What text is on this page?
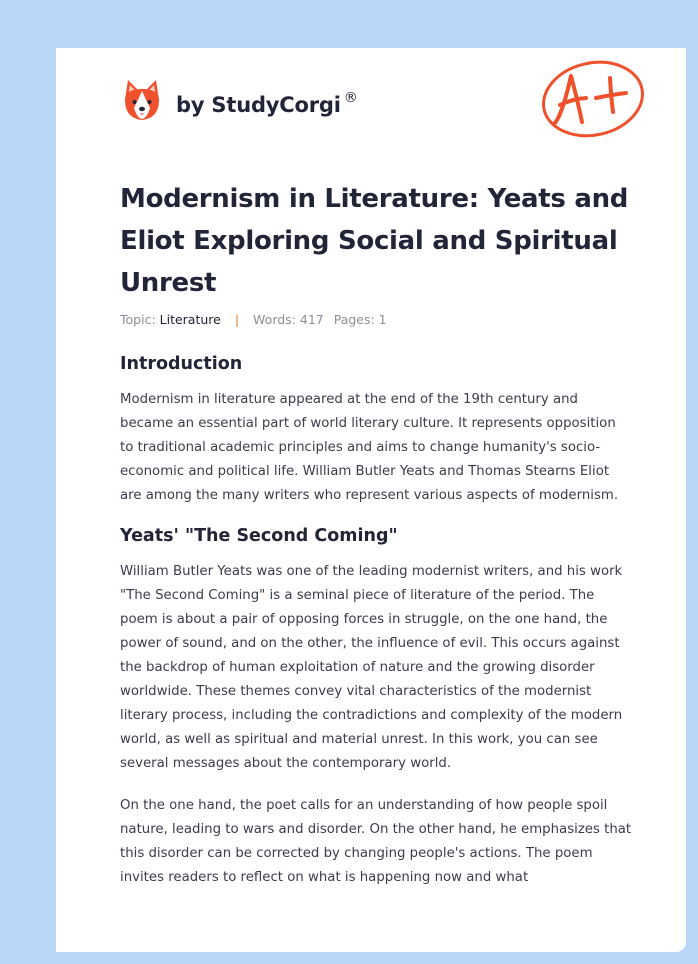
by StudyCorgi ®
Modernism in Literature: Yeats and Eliot Exploring Social and Spiritual Unrest
Topic: Literature | Words: 417 Pages: 1
Introduction

Modernism in literature appeared at the end of the 19th century and became an essential part of world literary culture. It represents opposition to traditional academic principles and aims to change humanity's socio-economic and political life. William Butler Yeats and Thomas Stearns Eliot are among the many writers who represent various aspects of modernism.

Yeats' "The Second Coming"

William Butler Yeats was one of the leading modernist writers, and his work "The Second Coming" is a seminal piece of literature of the period. The poem is about a pair of opposing forces in struggle, on the one hand, the power of sound, and on the other, the influence of evil. This occurs against the backdrop of human exploitation of nature and the growing disorder worldwide. These themes convey vital characteristics of the modernist literary process, including the contradictions and complexity of the modern world, as well as spiritual and material unrest. In this work, you can see several messages about the contemporary world.

On the one hand, the poet calls for an understanding of how people spoil nature, leading to wars and disorder. On the other hand, he emphasizes that this disorder can be corrected by changing people's actions. The poem invites readers to reflect on what is happening now and what
